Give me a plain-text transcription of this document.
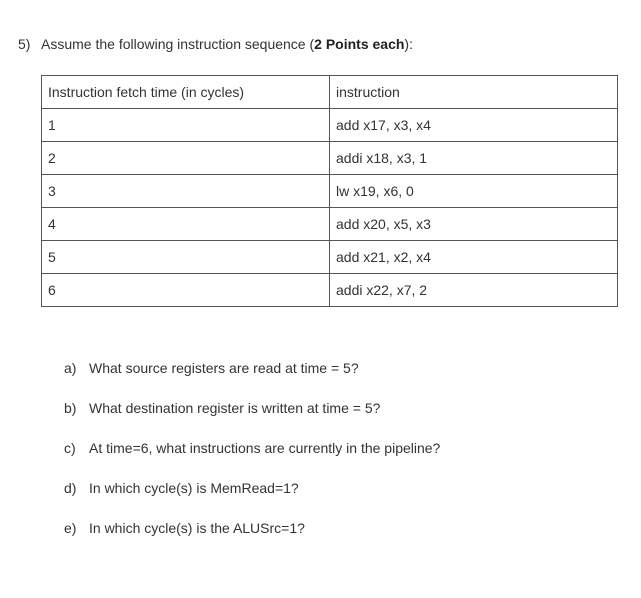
5) Assume the following instruction sequence (2 Points each):
Instruction fetch time (in cycles)	instruction
1	add x17, x3, x4
2	addi x18, x3, 1
3	lw x19, x6, 0
4	add x20, x5, x3
5	add x21, x2, x4
6	addi x22, x7, 2
a) What source registers are read at time = 5?
b) What destination register is written at time = 5?
c) At time=6, what instructions are currently in the pipeline?
d) In which cycle(s) is MemRead=1?
e) In which cycle(s) is the ALUSrc=1?
